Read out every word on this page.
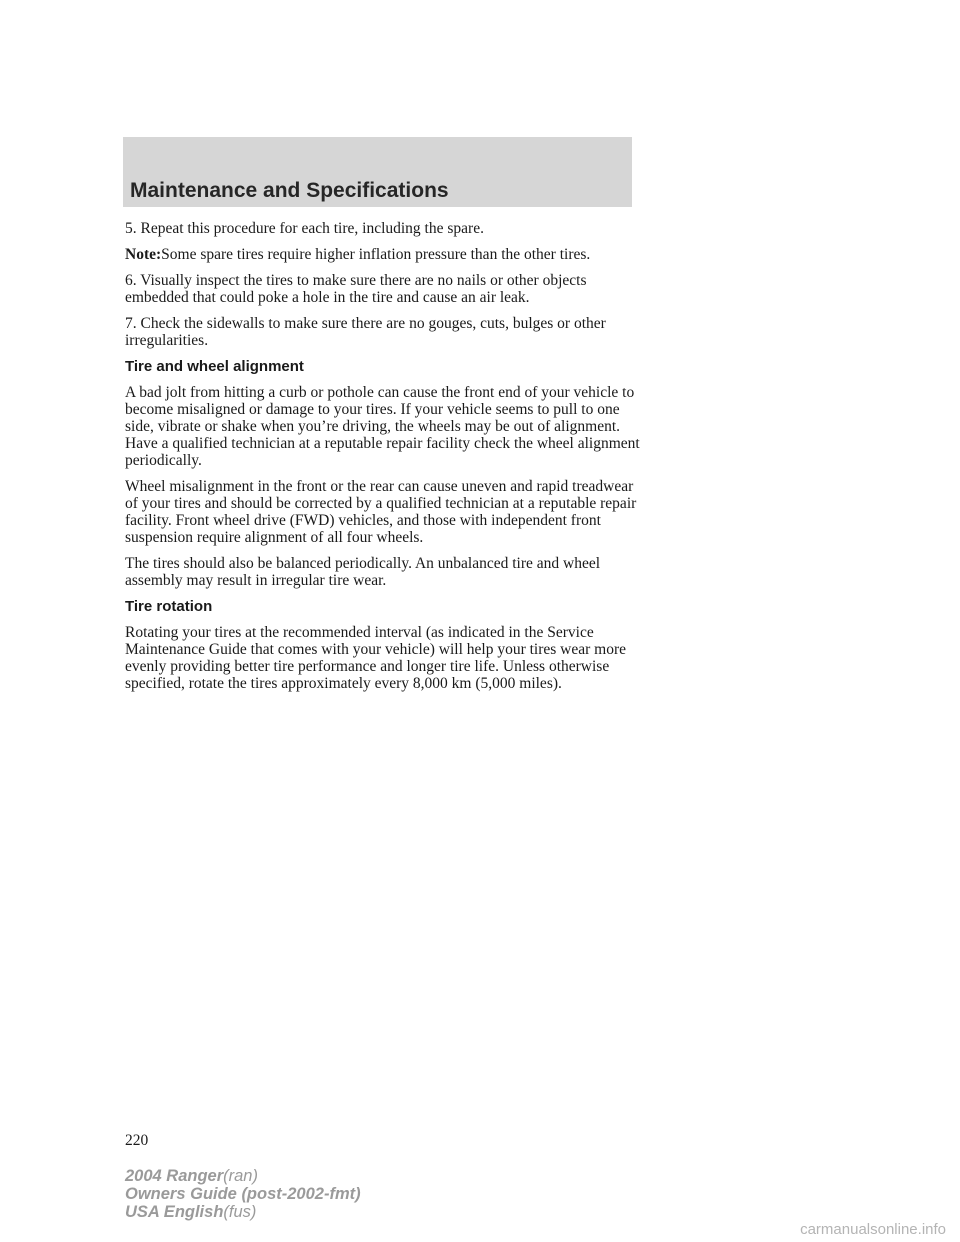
Maintenance and Specifications

5. Repeat this procedure for each tire, including the spare.

Note:Some spare tires require higher inflation pressure than the other tires.

6. Visually inspect the tires to make sure there are no nails or other objects embedded that could poke a hole in the tire and cause an air leak.

7. Check the sidewalls to make sure there are no gouges, cuts, bulges or other irregularities.

Tire and wheel alignment

A bad jolt from hitting a curb or pothole can cause the front end of your vehicle to become misaligned or damage to your tires. If your vehicle seems to pull to one side, vibrate or shake when you’re driving, the wheels may be out of alignment. Have a qualified technician at a reputable repair facility check the wheel alignment periodically.

Wheel misalignment in the front or the rear can cause uneven and rapid treadwear of your tires and should be corrected by a qualified technician at a reputable repair facility. Front wheel drive (FWD) vehicles, and those with independent front suspension require alignment of all four wheels.

The tires should also be balanced periodically. An unbalanced tire and wheel assembly may result in irregular tire wear.

Tire rotation

Rotating your tires at the recommended interval (as indicated in the Service Maintenance Guide that comes with your vehicle) will help your tires wear more evenly providing better tire performance and longer tire life. Unless otherwise specified, rotate the tires approximately every 8,000 km (5,000 miles).

220
2004 Ranger(ran)
Owners Guide (post-2002-fmt)
USA English(fus)
carmanualsonline.info
